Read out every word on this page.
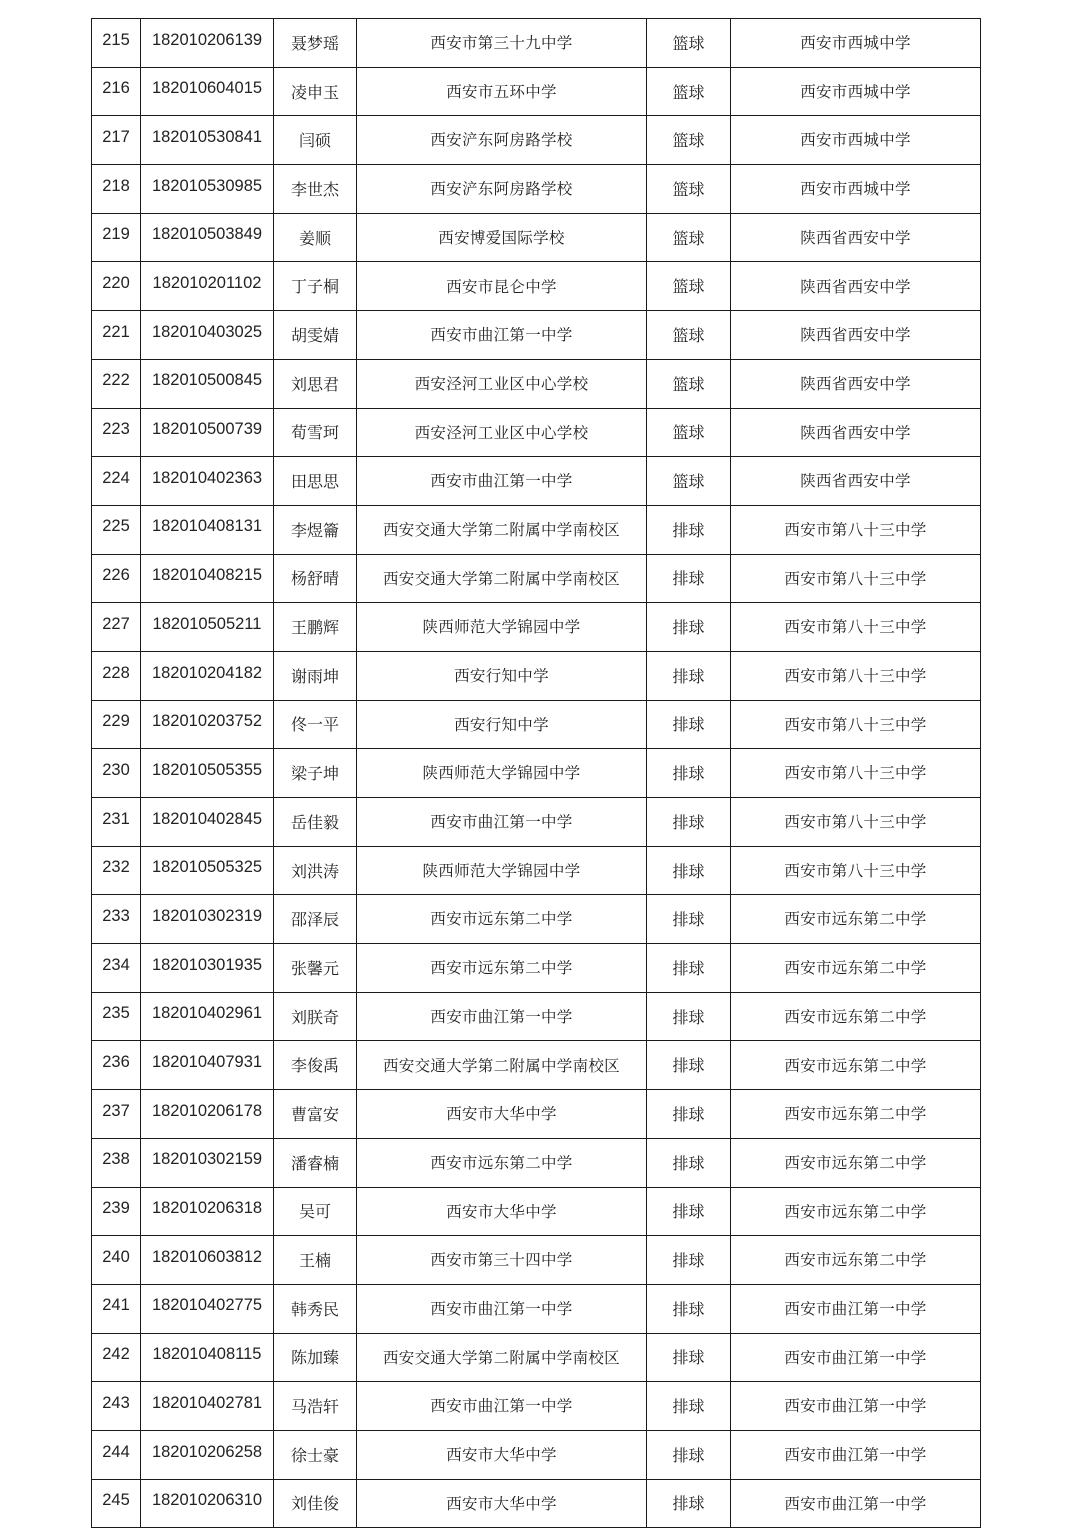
215	182010206139	聂梦瑶	西安市第三十九中学	篮球	西安市西城中学
216	182010604015	凌申玉	西安市五环中学	篮球	西安市西城中学
217	182010530841	闫硕	西安浐东阿房路学校	篮球	西安市西城中学
218	182010530985	李世杰	西安浐东阿房路学校	篮球	西安市西城中学
219	182010503849	姜顺	西安博爱国际学校	篮球	陕西省西安中学
220	182010201102	丁子桐	西安市昆仑中学	篮球	陕西省西安中学
221	182010403025	胡雯婧	西安市曲江第一中学	篮球	陕西省西安中学
222	182010500845	刘思君	西安泾河工业区中心学校	篮球	陕西省西安中学
223	182010500739	荀雪珂	西安泾河工业区中心学校	篮球	陕西省西安中学
224	182010402363	田思思	西安市曲江第一中学	篮球	陕西省西安中学
225	182010408131	李煜籥	西安交通大学第二附属中学南校区	排球	西安市第八十三中学
226	182010408215	杨舒晴	西安交通大学第二附属中学南校区	排球	西安市第八十三中学
227	182010505211	王鹏辉	陕西师范大学锦园中学	排球	西安市第八十三中学
228	182010204182	谢雨坤	西安行知中学	排球	西安市第八十三中学
229	182010203752	佟一平	西安行知中学	排球	西安市第八十三中学
230	182010505355	梁子坤	陕西师范大学锦园中学	排球	西安市第八十三中学
231	182010402845	岳佳毅	西安市曲江第一中学	排球	西安市第八十三中学
232	182010505325	刘洪涛	陕西师范大学锦园中学	排球	西安市第八十三中学
233	182010302319	邵泽辰	西安市远东第二中学	排球	西安市远东第二中学
234	182010301935	张馨元	西安市远东第二中学	排球	西安市远东第二中学
235	182010402961	刘朕奇	西安市曲江第一中学	排球	西安市远东第二中学
236	182010407931	李俊禹	西安交通大学第二附属中学南校区	排球	西安市远东第二中学
237	182010206178	曹富安	西安市大华中学	排球	西安市远东第二中学
238	182010302159	潘睿楠	西安市远东第二中学	排球	西安市远东第二中学
239	182010206318	吴可	西安市大华中学	排球	西安市远东第二中学
240	182010603812	王楠	西安市第三十四中学	排球	西安市远东第二中学
241	182010402775	韩秀民	西安市曲江第一中学	排球	西安市曲江第一中学
242	182010408115	陈加臻	西安交通大学第二附属中学南校区	排球	西安市曲江第一中学
243	182010402781	马浩轩	西安市曲江第一中学	排球	西安市曲江第一中学
244	182010206258	徐士豪	西安市大华中学	排球	西安市曲江第一中学
245	182010206310	刘佳俊	西安市大华中学	排球	西安市曲江第一中学
